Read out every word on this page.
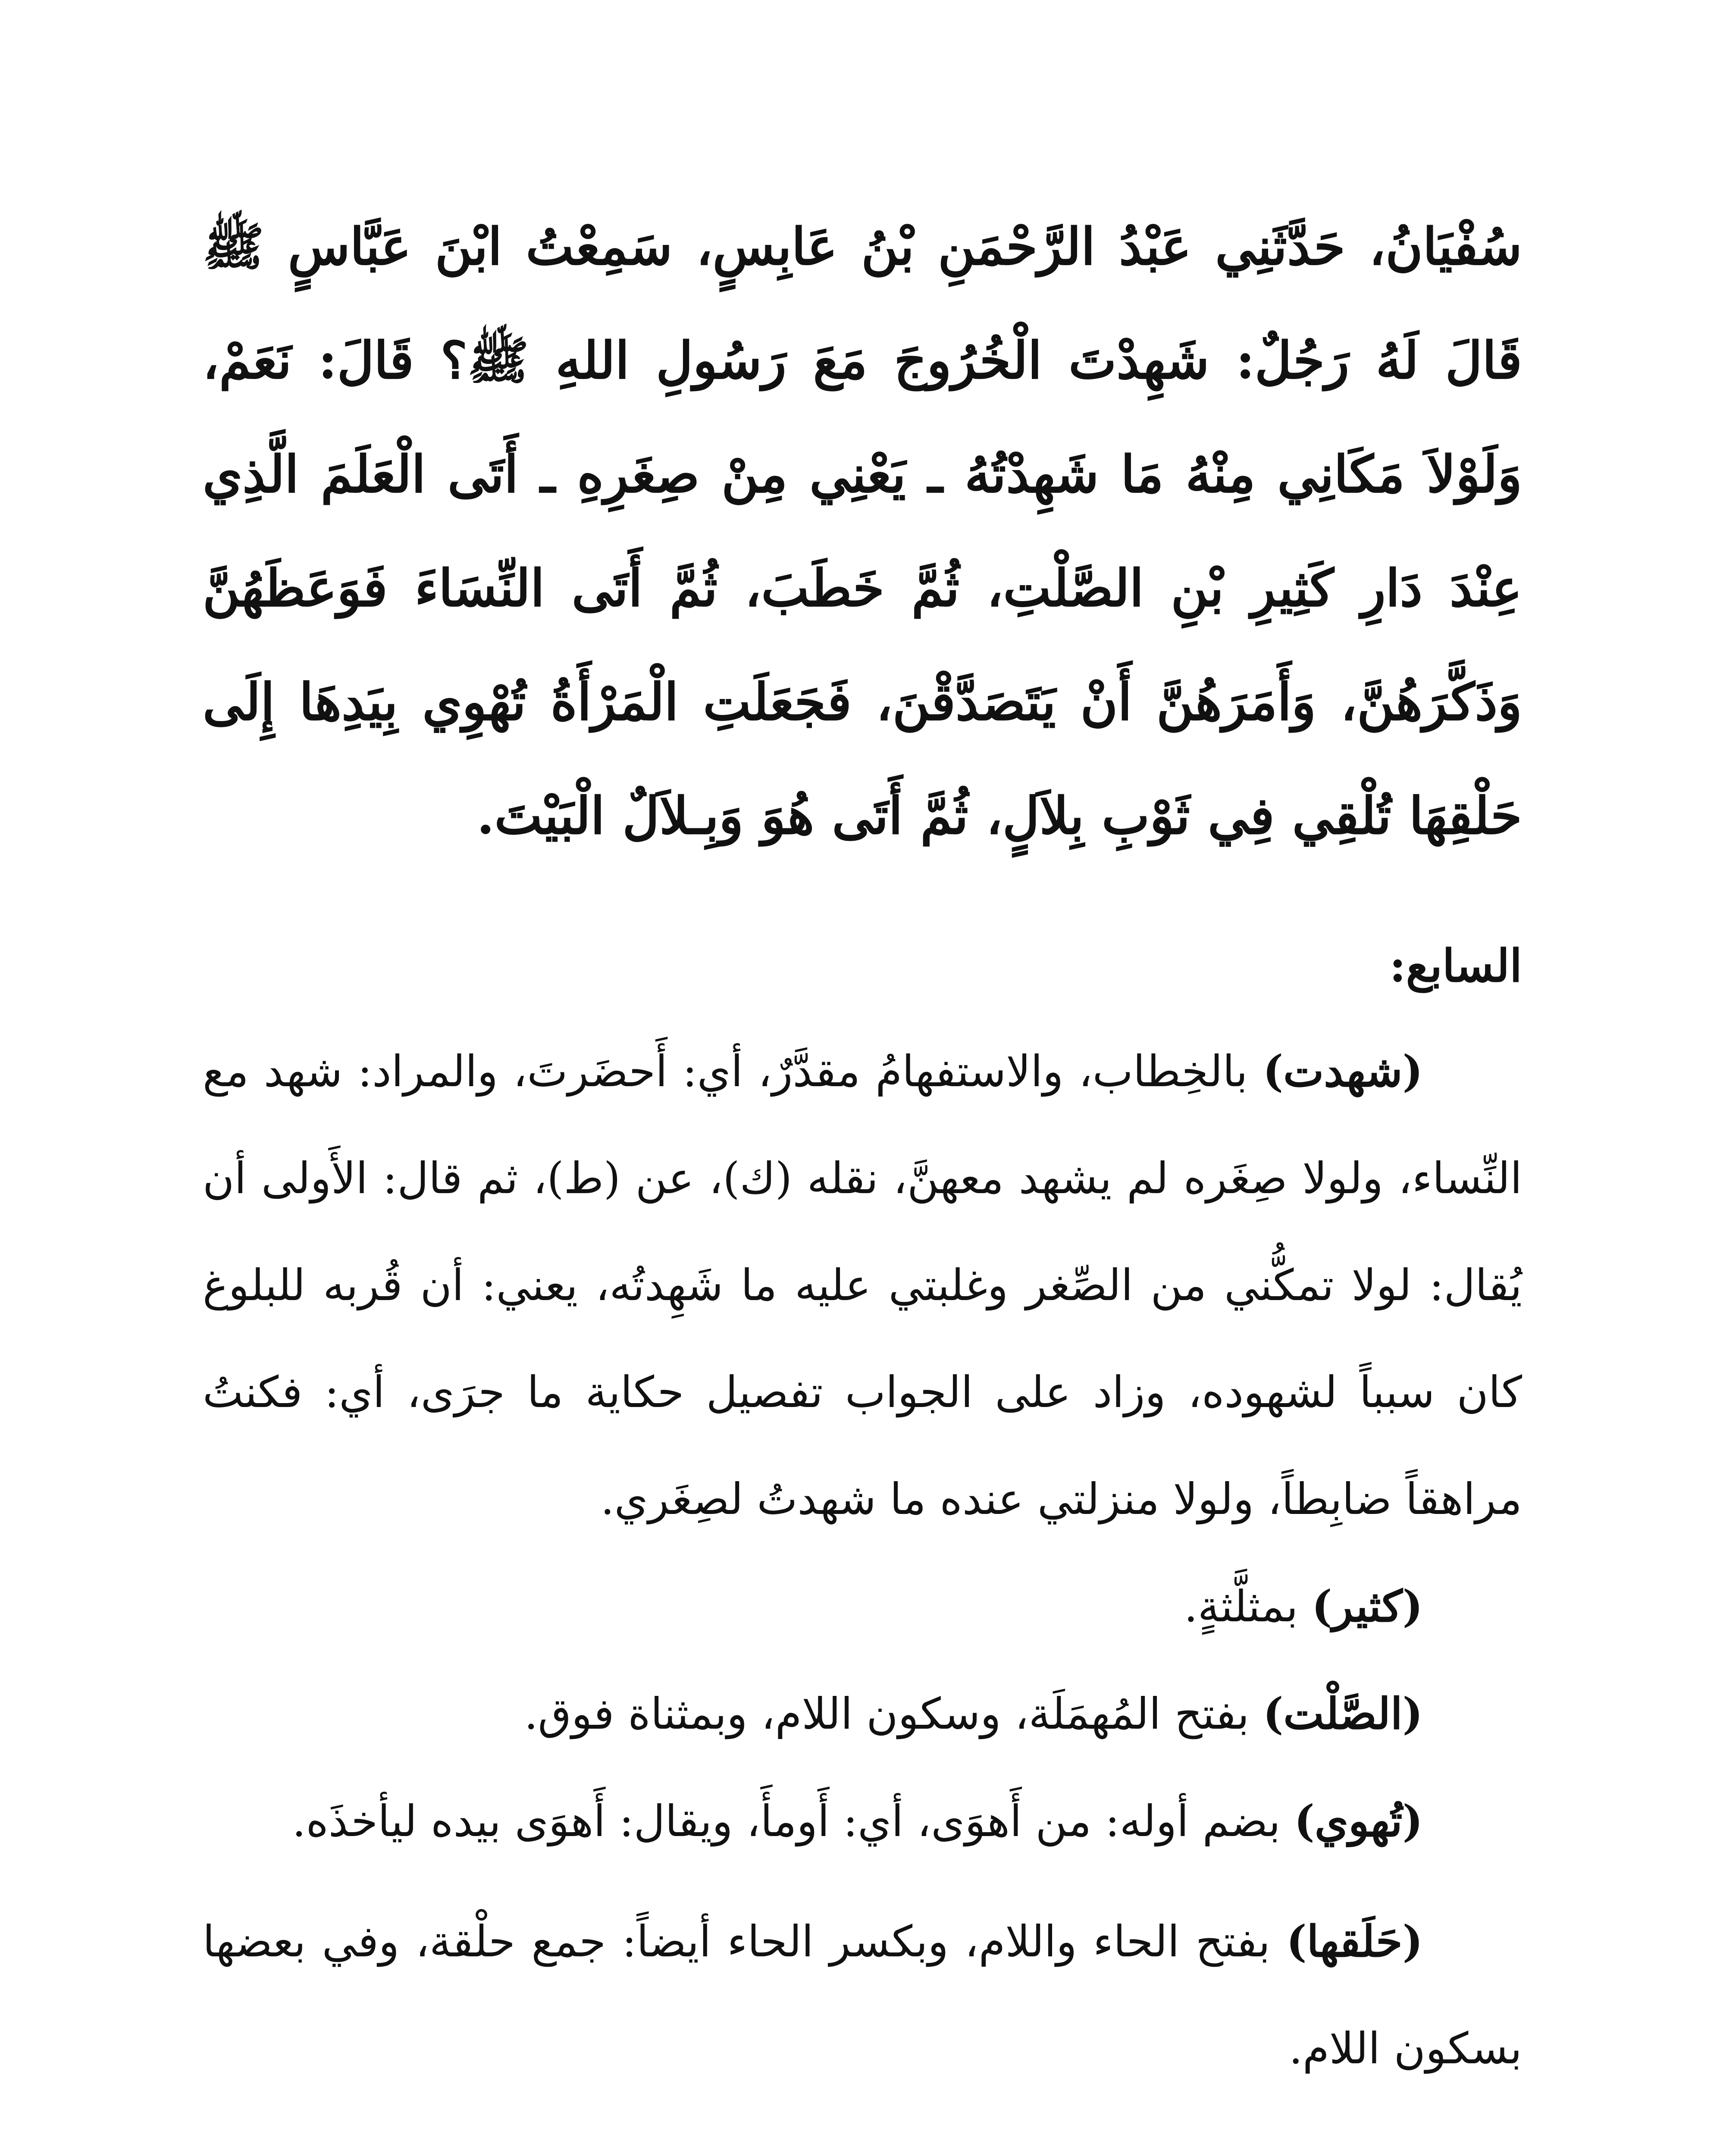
سُفْيَانُ، حَدَّثَنِي عَبْدُ الرَّحْمَنِ بْنُ عَابِسٍ، سَمِعْتُ ابْنَ عَبَّاسٍ ﷺ قَالَ لَهُ رَجُلٌ: شَهِدْتَ الْخُرُوجَ مَعَ رَسُولِ اللهِ ﷺ؟ قَالَ: نَعَمْ، وَلَوْلاَ مَكَانِي مِنْهُ مَا شَهِدْتُهُ ـ يَعْنِي مِنْ صِغَرِهِ ـ أَتَى الْعَلَمَ الَّذِي عِنْدَ دَارِ كَثِيرِ بْنِ الصَّلْتِ، ثُمَّ خَطَبَ، ثُمَّ أَتَى النِّسَاءَ فَوَعَظَهُنَّ وَذَكَّرَهُنَّ، وَأَمَرَهُنَّ أَنْ يَتَصَدَّقْنَ، فَجَعَلَتِ الْمَرْأَةُ تُهْوِي بِيَدِهَا إِلَى حَلْقِهَا تُلْقِي فِي ثَوْبِ بِلاَلٍ، ثُمَّ أَتَى هُوَ وَبِـلاَلٌ الْبَيْتَ.

السابع:

(شهدت) بالخِطاب، والاستفهامُ مقدَّرٌ، أي: أَحضَرتَ، والمراد: شهد مع النِّساء، ولولا صِغَره لم يشهد معهنَّ، نقله (ك)، عن (ط)، ثم قال: الأَولى أن يُقال: لولا تمكُّني من الصِّغر وغلبتي عليه ما شَهِدتُه، يعني: أن قُربه للبلوغ كان سبباً لشهوده، وزاد على الجواب تفصيل حكاية ما جرَى، أي: فكنتُ مراهقاً ضابِطاً، ولولا منزلتي عنده ما شهدتُ لصِغَري.

(كثير) بمثلَّثةٍ.

(الصَّلْت) بفتح المُهمَلَة، وسكون اللام، وبمثناة فوق.

(تُهوي) بضم أوله: من أَهوَى، أي: أَومأَ، ويقال: أَهوَى بيده ليأخذَه.

(حَلَقها) بفتح الحاء واللام، وبكسر الحاء أيضاً: جمع حلْقة، وفي بعضها بسكون اللام.
